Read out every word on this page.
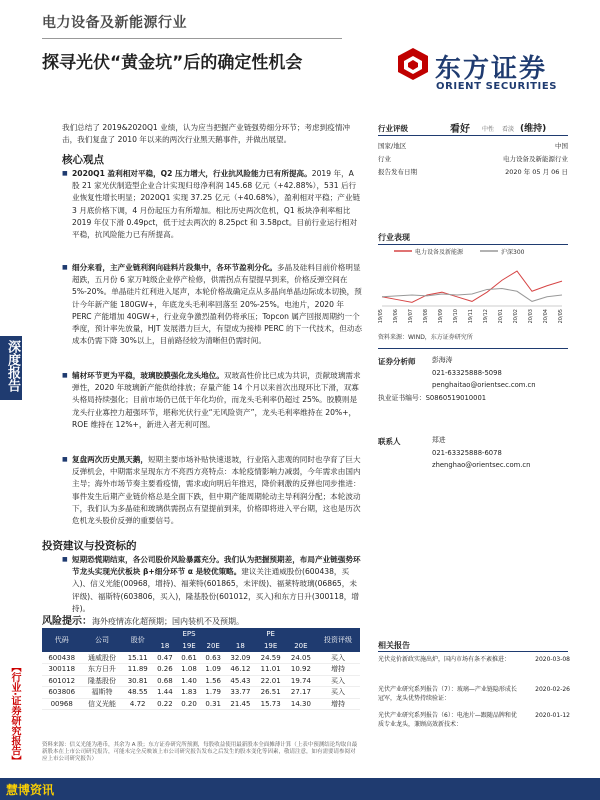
电力设备及新能源行业
探寻光伏“黄金坑”后的确定性机会	东方证券
ORIENT SECURITIES
深度报告
【行业·证券研究报告】
慧博资讯
我们总结了 2019&2020Q1 业绩，认为应当把握产业链强势细分环节；考虑到疫情冲击，我们复盘了 2010 年以来的两次行业黑天鹅事件，并做出展望。
核心观点
■ 2020Q1 盈利相对平稳，Q2 压力增大，行业抗风险能力已有所提高。2019 年，A 股 21 家光伏制造型企业合计实现归母净利润 145.68 亿元（+42.88%），531 后行业恢复性增长明显；2020Q1 实现 37.25 亿元（+40.68%），盈利相对平稳；产业链 3 月底价格下调，4 月份起压力有所增加。相比历史两次危机，Q1 板块净利率相比 2019 年仅下滑 0.49pct，低于过去两次的 8.25pct 和 3.58pct。目前行业运行相对平稳，抗风险能力已有所提高。
■ 细分来看，主产业链利润向硅料片段集中，各环节盈利分化。多晶及硅料目前价格明显超跌，五月份 6 家万吨级企业停产检修，供需拐点有望提早到来，价格反弹空间在 5%-20%。单晶硅片红利进入尾声，本轮价格战确定点从多晶向单晶边际成本切换，预计今年新产能 180GW+，年底龙头毛利率回落至 20%-25%。电池片，2020 年 PERC 产能增加 40GW+，行业竞争激烈盈利仍将承压；Topcon 属产回报周期约一个季度，预计率先放量，HJT 发展潜力巨大，有望成为接棒 PERC 的下一代技术，但动态成本仍需下降 30%以上，目前路径较为清晰但仍需时间。
■ 辅材环节更为平稳，玻璃胶膜强化龙头地位。双玻高性价比已成为共识，贡献玻璃需求弹性，2020 年玻璃新产能供给排放；存量产能 14 个月以来首次出现环比下滑，双寡头格局持续强化；目前市场仍已低于年化均价，而龙头毛利率仍超过 25%。胶膜则是龙头行业寡控力超强环节，堪称光伏行业“无风险资产”，龙头毛利率维持在 20%+，ROE 维持在 12%+，新进入者无利可图。
■ 复盘两次历史黑天鹅，短期主要市场补贴快速退坡，行业陷入悲观的同时也孕育了巨大反弹机会，中期需求呈现东方不亮西方亮特点：本轮疫情影响力减弱，今年需求由国内主导；海外市场节奏主要看疫情，需求或向明后年推迟，降价刺激的反弹也同步推进：事件发生后期产业链价格总是全面下跌，但中期产能周期轮动主导利润分配；本轮波动下，我们认为多晶硅和玻璃供需拐点有望提前到来，价格即将进入平台期，这也是历次危机龙头股价反弹的重要信号。
投资建议与投资标的
■ 短期恐慌期结束，各公司股价风险暴露充分。我们认为把握预期差，布局产业链强势环节龙头实现光伏板块 β+细分环节 α 是较优策略。建议关注通威股份(600438，买入)、信义光能(00968，增持)、福莱特(601865，未评级)、福莱特玻璃(06865，未评级)、福斯特(603806，买入)，隆基股份(601012，买入)和东方日升(300118，增持)。
风险提示：海外疫情冻化超预期；国内装机不及预期。
代码	公司	股价	EPS			PE			投资评级
			18	19E	20E	18	19E	20E	
600438	通威股份	15.11	0.47	0.61	0.63	32.09	24.59	24.05	买入
300118	东方日升	11.89	0.26	1.08	1.09	46.12	11.01	10.92	增持
601012	隆基股份	30.81	0.68	1.40	1.56	45.43	22.01	19.74	买入
603806	福斯特	48.55	1.44	1.83	1.79	33.77	26.51	27.17	买入
00968	信义光能	4.72	0.22	0.20	0.31	21.45	15.73	14.30	增持
资料来源：信义光能为港币，其余为 A 股；东方证券研究所预测，每股收益使用最新股本全面摊薄计算（上表中预测结论均取自最新股本在上市公司研究报告，可能未完全反映该上市公司研究报告发布之后发生的股本变化等因素，敬请注意，如有需要请参阅对应上市公司研究报告）
行业评级	看好 中性 看淡 (维持)
国家/地区	中国
行业	电力设备及新能源行业
报告发布日期	2020 年 05 月 06 日
行业表现
电力设备及新能源	沪深300
19/05 19/06 19/07 19/08 19/09 19/10 19/11 19/12 20/01 20/02 20/03 20/04 20/05
资料来源：WIND，东方证券研究所
证券分析师 彭海涛
021-63325888-5098
penghaitao@orientsec.com.cn
执业证书编号：S0860519010001
联系人	郑进
021-63325888-6078
zhenghao@orientsec.com.cn
相关报告
光伏竞价新政实施出炉，国内市场有条不紊推进：	2020-03-08
光伏产业研究系列报告（7）：玻璃—产业链隐形成长冠军，龙头优势持续验证：
2020-02-26
光伏产业研究系列报告（6）：电池片—跟随品牌和优质专业龙头，兼顾高效新技术：
2020-01-12
